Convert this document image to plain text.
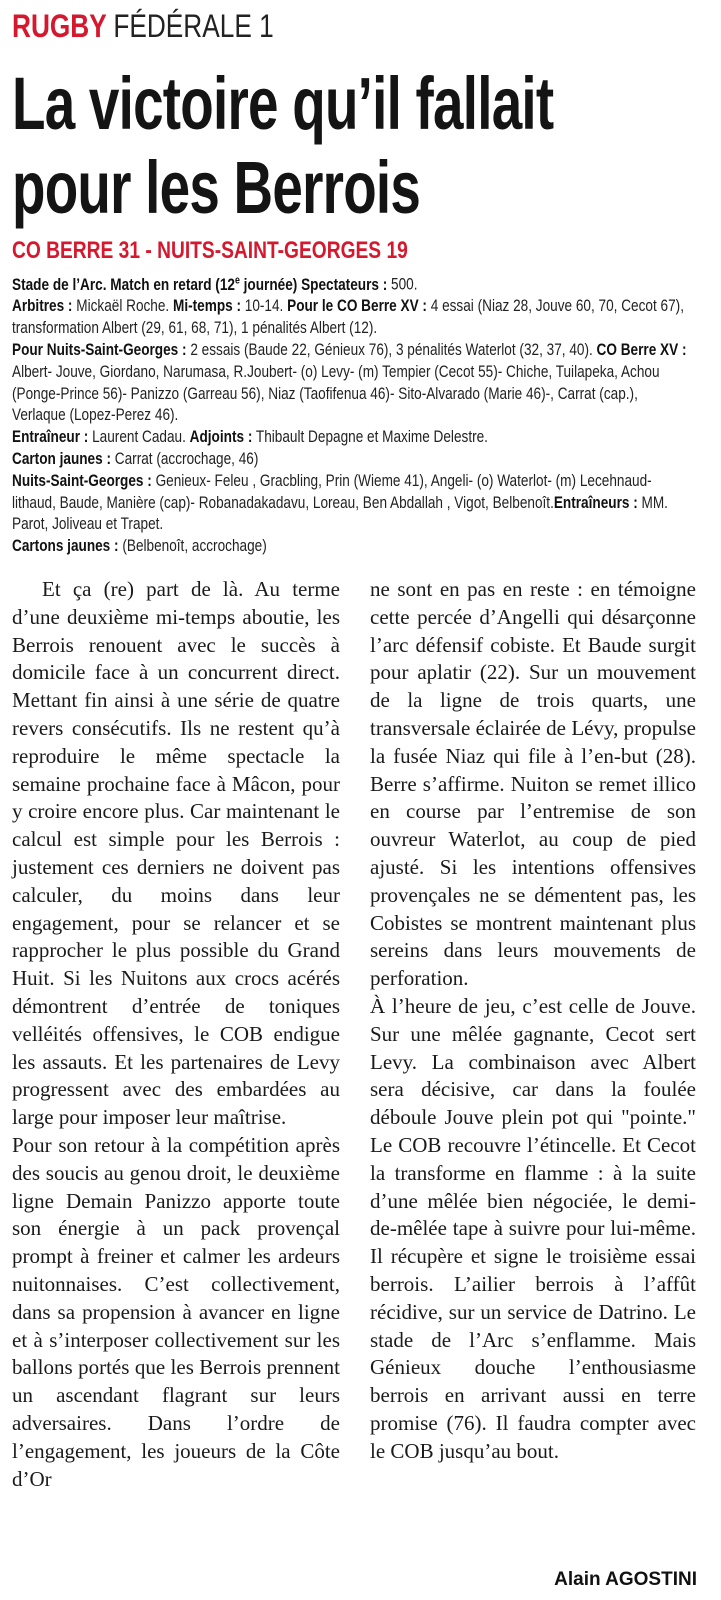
RUGBY FÉDÉRALE 1
La victoire qu’il fallait
pour les Berrois
CO BERRE 31 - NUITS-SAINT-GEORGES 19

Stade de l’Arc. Match en retard (12e journée) Spectateurs : 500.

Arbitres : Mickaël Roche. Mi-temps : 10-14. Pour le CO Berre XV : 4 essai (Niaz 28, Jouve 60, 70, Cecot 67), transformation Albert (29, 61, 68, 71), 1 pénalités Albert (12).

Pour Nuits-Saint-Georges : 2 essais (Baude 22, Génieux 76), 3 pénalités Waterlot (32, 37, 40). CO Berre XV : Albert- Jouve, Giordano, Narumasa, R.Joubert- (o) Levy- (m) Tempier (Cecot 55)- Chiche, Tuilapeka, Achou (Ponge-Prince 56)- Panizzo (Garreau 56), Niaz (Taofifenua 46)- Sito-Alvarado (Marie 46)-, Carrat (cap.), Verlaque (Lopez-Perez 46).

Entraîneur : Laurent Cadau. Adjoints : Thibault Depagne et Maxime Delestre.

Carton jaunes : Carrat (accrochage, 46)

Nuits-Saint-Georges : Genieux- Feleu , Gracbling, Prin (Wieme 41), Angeli- (o) Waterlot- (m) Lecehnaud- lithaud, Baude, Manière (cap)- Robanadakadavu, Loreau, Ben Abdallah , Vigot, Belbenoît.Entraîneurs : MM. Parot, Joliveau et Trapet.

Cartons jaunes : (Belbenoît, accrochage)

Et ça (re) part de là. Au terme d’une deuxième mi-temps aboutie, les Berrois renouent avec le succès à domicile face à un concurrent direct. Mettant fin ainsi à une série de quatre revers consécutifs. Ils ne restent qu’à reproduire le même spectacle la semaine prochaine face à Mâcon, pour y croire encore plus. Car maintenant le calcul est simple pour les Berrois : justement ces derniers ne doivent pas calculer, du moins dans leur engagement, pour se relancer et se rapprocher le plus possible du Grand Huit. Si les Nuitons aux crocs acérés démontrent d’entrée de toniques velléités offensives, le COB endigue les assauts. Et les partenaires de Levy progressent avec des embardées au large pour imposer leur maîtrise.

Pour son retour à la compétition après des soucis au genou droit, le deuxième ligne Demain Panizzo apporte toute son énergie à un pack provençal prompt à freiner et calmer les ardeurs nuitonnaises. C’est collectivement, dans sa propension à avancer en ligne et à s’interposer collectivement sur les ballons portés que les Berrois prennent un ascendant flagrant sur leurs adversaires. Dans l’ordre de l’engagement, les joueurs de la Côte d’Or

ne sont en pas en reste : en témoigne cette percée d’Angelli qui désarçonne l’arc défensif cobiste. Et Baude surgit pour aplatir (22). Sur un mouvement de la ligne de trois quarts, une transversale éclairée de Lévy, propulse la fusée Niaz qui file à l’en-but (28). Berre s’affirme. Nuiton se remet illico en course par l’entremise de son ouvreur Waterlot, au coup de pied ajusté. Si les intentions offensives provençales ne se démentent pas, les Cobistes se montrent maintenant plus sereins dans leurs mouvements de perforation.

À l’heure de jeu, c’est celle de Jouve. Sur une mêlée gagnante, Cecot sert Levy. La combinaison avec Albert sera décisive, car dans la foulée déboule Jouve plein pot qui "pointe." Le COB recouvre l’étincelle. Et Cecot la transforme en flamme : à la suite d’une mêlée bien négociée, le demi-de-mêlée tape à suivre pour lui-même. Il récupère et signe le troisième essai berrois. L’ailier berrois à l’affût récidive, sur un service de Datrino. Le stade de l’Arc s’enflamme. Mais Génieux douche l’enthousiasme berrois en arrivant aussi en terre promise (76). Il faudra compter avec le COB jusqu’au bout.

Alain AGOSTINI
